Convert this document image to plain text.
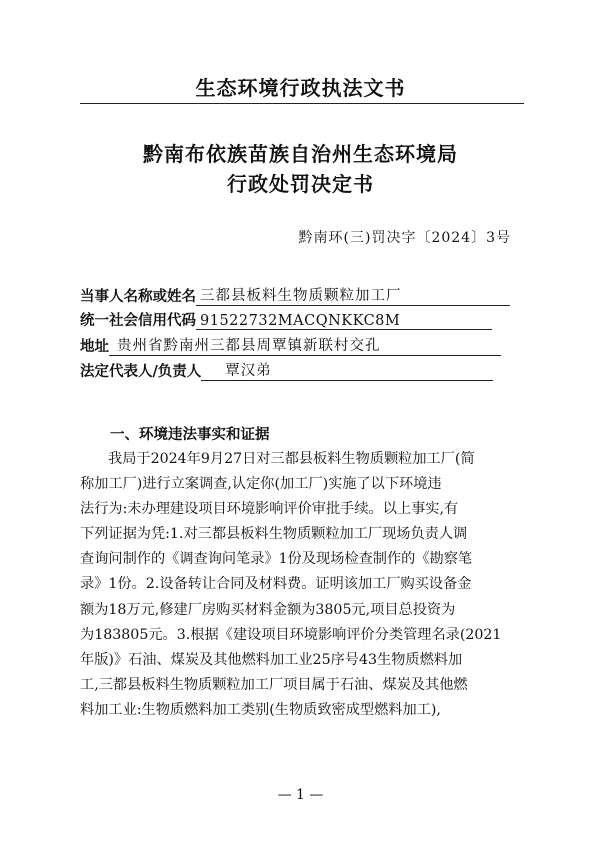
生态环境行政执法文书
黔南布依族苗族自治州生态环境局
行政处罚决定书
黔南环(三)罚决字〔2024〕3号
当事人名称或姓名 三都县板料生物质颗粒加工厂
统一社会信用代码 91522732MACQNKKC8M
地址 贵州省黔南州三都县周覃镇新联村交孔
法定代表人/负责人 覃汉弟
一、环境违法事实和证据
我局于2024年9月27日对三都县板料生物质颗粒加工厂(简
称加工厂)进行立案调查,认定你(加工厂)实施了以下环境违
法行为:未办理建设项目环境影响评价审批手续。以上事实,有
下列证据为凭:1.对三都县板料生物质颗粒加工厂现场负责人调
查询问制作的《调查询问笔录》1份及现场检查制作的《勘察笔
录》1份。2.设备转让合同及材料费。证明该加工厂购买设备金
额为18万元,修建厂房购买材料金额为3805元,项目总投资为
为183805元。3.根据《建设项目环境影响评价分类管理名录(2021
年版)》石油、煤炭及其他燃料加工业25序号43生物质燃料加
工,三都县板料生物质颗粒加工厂项目属于石油、煤炭及其他燃
料加工业:生物质燃料加工类别(生物质致密成型燃料加工),
— 1 —
